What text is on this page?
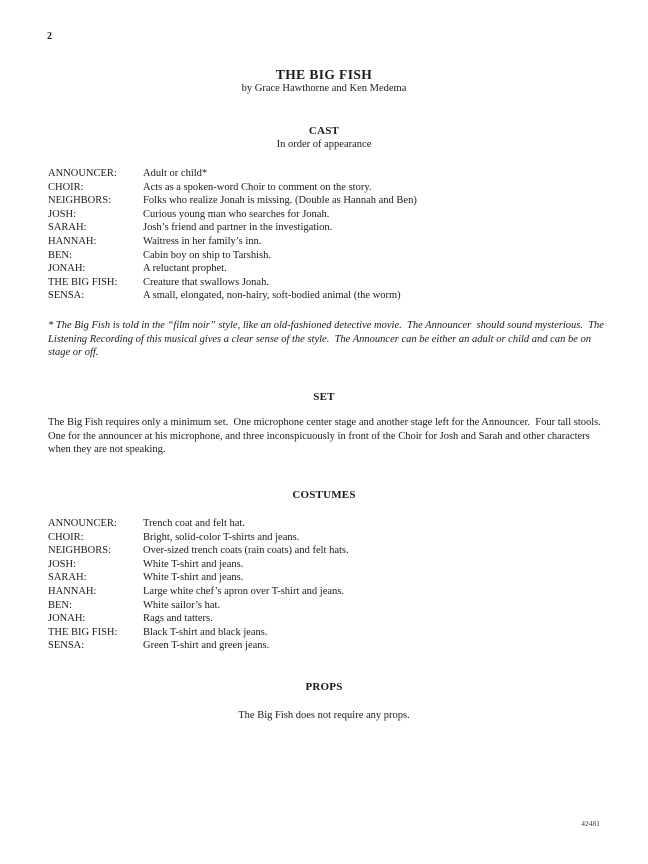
2
THE BIG FISH
by Grace Hawthorne and Ken Medema
CAST
In order of appearance
ANNOUNCER:	Adult or child*
CHOIR:	Acts as a spoken-word Choir to comment on the story.
NEIGHBORS:	Folks who realize Jonah is missing. (Double as Hannah and Ben)
JOSH:	Curious young man who searches for Jonah.
SARAH:	Josh’s friend and partner in the investigation.
HANNAH:	Waitress in her family’s inn.
BEN:	Cabin boy on ship to Tarshish.
JONAH:	A reluctant prophet.
THE BIG FISH:	Creature that swallows Jonah.
SENSA:	A small, elongated, non-hairy, soft-bodied animal (the worm)
* The Big Fish is told in the “film noir” style, like an old-fashioned detective movie.  The Announcer  should sound mysterious.  The Listening Recording of this musical gives a clear sense of the style.  The Announcer can be either an adult or child and can be on stage or off.
SET
The Big Fish requires only a minimum set.  One microphone center stage and another stage left for the Announcer.  Four tall stools.  One for the announcer at his microphone, and three inconspicuously in front of the Choir for Josh and Sarah and other characters when they are not speaking.
COSTUMES
ANNOUNCER:	Trench coat and felt hat.
CHOIR:	Bright, solid-color T-shirts and jeans.
NEIGHBORS:	Over-sized trench coats (rain coats) and felt hats.
JOSH:	White T-shirt and jeans.
SARAH:	White T-shirt and jeans.
HANNAH:	Large white chef’s apron over T-shirt and jeans.
BEN:	White sailor’s hat.
JONAH:	Rags and tatters.
THE BIG FISH:	Black T-shirt and black jeans.
SENSA:	Green T-shirt and green jeans.
PROPS
The Big Fish does not require any props.
42481
